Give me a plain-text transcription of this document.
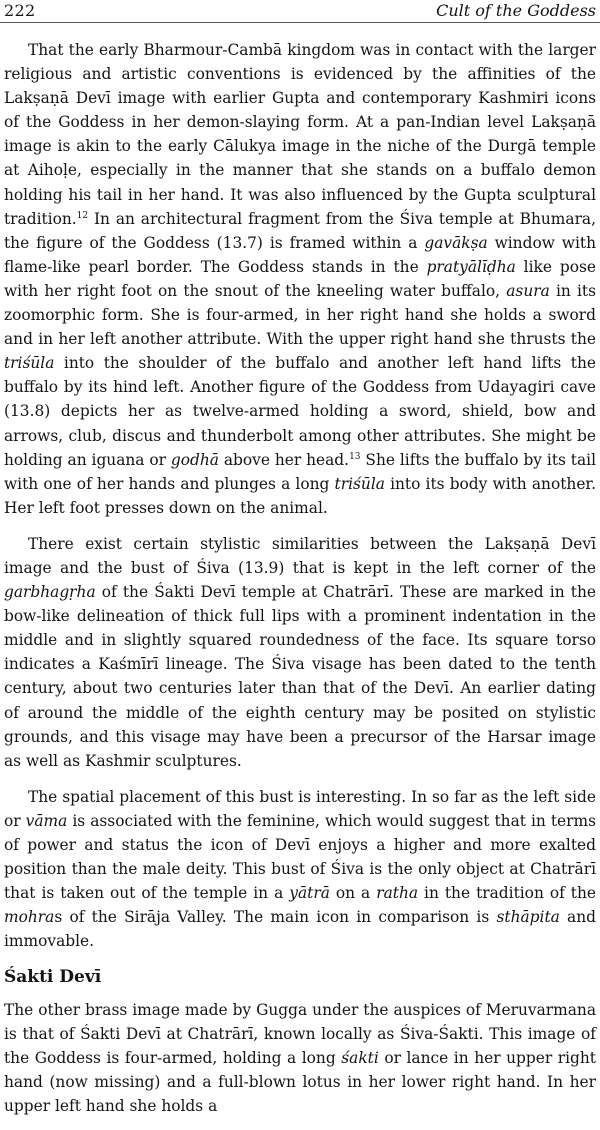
222	Cult of the Goddess

That the early Bharmour-Cambā kingdom was in contact with the larger religious and artistic conventions is evidenced by the affinities of the Lakṣaṇā Devī image with earlier Gupta and contemporary Kashmiri icons of the Goddess in her demon-slaying form. At a pan-Indian level Lakṣaṇā image is akin to the early Cālukya image in the niche of the Durgā temple at Aihoḷe, especially in the manner that she stands on a buffalo demon holding his tail in her hand. It was also influenced by the Gupta sculptural tradition.$^{12}$ In an architectural fragment from the Śiva temple at Bhumara, the figure of the Goddess (13.7) is framed within a gavākṣa window with flame-like pearl border. The Goddess stands in the pratyālīḍha like pose with her right foot on the snout of the kneeling water buffalo, asura in its zoomorphic form. She is four-armed, in her right hand she holds a sword and in her left another attribute. With the upper right hand she thrusts the triśūla into the shoulder of the buffalo and another left hand lifts the buffalo by its hind left. Another figure of the Goddess from Udayagiri cave (13.8) depicts her as twelve-armed holding a sword, shield, bow and arrows, club, discus and thunderbolt among other attributes. She might be holding an iguana or godhā above her head.$^{13}$ She lifts the buffalo by its tail with one of her hands and plunges a long triśūla into its body with another. Her left foot presses down on the animal.

There exist certain stylistic similarities between the Lakṣaṇā Devī image and the bust of Śiva (13.9) that is kept in the left corner of the garbhagṛha of the Śakti Devī temple at Chatrārī. These are marked in the bow-like delineation of thick full lips with a prominent indentation in the middle and in slightly squared roundedness of the face. Its square torso indicates a Kaśmīrī lineage. The Śiva visage has been dated to the tenth century, about two centuries later than that of the Devī. An earlier dating of around the middle of the eighth century may be posited on stylistic grounds, and this visage may have been a precursor of the Harsar image as well as Kashmir sculptures.

The spatial placement of this bust is interesting. In so far as the left side or vāma is associated with the feminine, which would suggest that in terms of power and status the icon of Devī enjoys a higher and more exalted position than the male deity. This bust of Śiva is the only object at Chatrārī that is taken out of the temple in a yātrā on a ratha in the tradition of the mohras of the Sirāja Valley. The main icon in comparison is sthāpita and immovable.

Śakti Devī

The other brass image made by Gugga under the auspices of Meruvarmana is that of Śakti Devī at Chatrārī, known locally as Śiva-Śakti. This image of the Goddess is four-armed, holding a long śakti or lance in her upper right hand (now missing) and a full-blown lotus in her lower right hand. In her upper left hand she holds a
